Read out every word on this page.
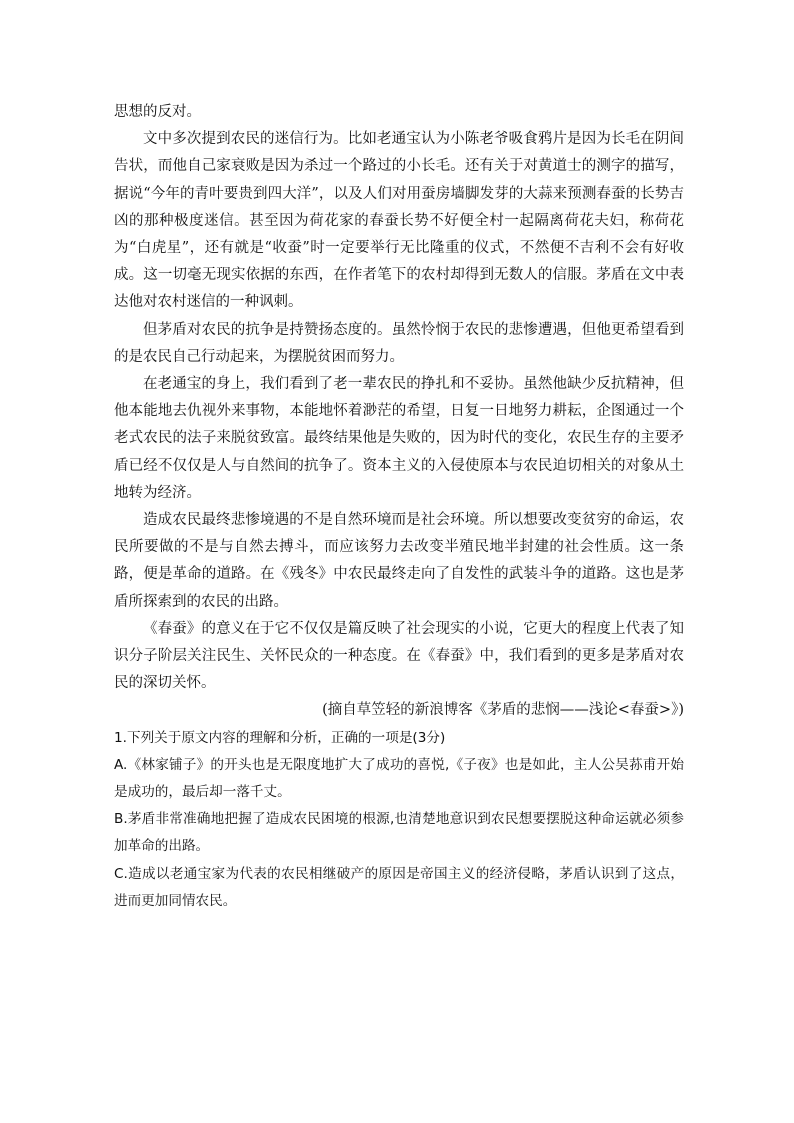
思想的反对。

文中多次提到农民的迷信行为。比如老通宝认为小陈老爷吸食鸦片是因为长毛在阴间告状，而他自己家衰败是因为杀过一个路过的小长毛。还有关于对黄道士的测字的描写，据说“今年的青叶要贵到四大洋”，以及人们对用蚕房墙脚发芽的大蒜来预测春蚕的长势吉凶的那种极度迷信。甚至因为荷花家的春蚕长势不好便全村一起隔离荷花夫妇，称荷花为“白虎星”，还有就是“收蚕”时一定要举行无比隆重的仪式，不然便不吉利不会有好收成。这一切毫无现实依据的东西，在作者笔下的农村却得到无数人的信服。茅盾在文中表达他对农村迷信的一种讽刺。

但茅盾对农民的抗争是持赞扬态度的。虽然怜悯于农民的悲惨遭遇，但他更希望看到的是农民自己行动起来，为摆脱贫困而努力。

在老通宝的身上，我们看到了老一辈农民的挣扎和不妥协。虽然他缺少反抗精神，但他本能地去仇视外来事物，本能地怀着渺茫的希望，日复一日地努力耕耘，企图通过一个老式农民的法子来脱贫致富。最终结果他是失败的，因为时代的变化，农民生存的主要矛盾已经不仅仅是人与自然间的抗争了。资本主义的入侵使原本与农民迫切相关的对象从土地转为经济。

造成农民最终悲惨境遇的不是自然环境而是社会环境。所以想要改变贫穷的命运，农民所要做的不是与自然去搏斗，而应该努力去改变半殖民地半封建的社会性质。这一条路，便是革命的道路。在《残冬》中农民最终走向了自发性的武装斗争的道路。这也是茅盾所探索到的农民的出路。

《春蚕》的意义在于它不仅仅是篇反映了社会现实的小说，它更大的程度上代表了知识分子阶层关注民生、关怀民众的一种态度。在《春蚕》中，我们看到的更多是茅盾对农民的深切关怀。

(摘自草笠轻的新浪博客《茅盾的悲悯——浅论<春蚕>》)

1.下列关于原文内容的理解和分析，正确的一项是(3分)

A.《林家铺子》的开头也是无限度地扩大了成功的喜悦,《子夜》也是如此，主人公吴荪甫开始是成功的，最后却一落千丈。

B.茅盾非常准确地把握了造成农民困境的根源,也清楚地意识到农民想要摆脱这种命运就必须参加革命的出路。

C.造成以老通宝家为代表的农民相继破产的原因是帝国主义的经济侵略，茅盾认识到了这点，进而更加同情农民。
